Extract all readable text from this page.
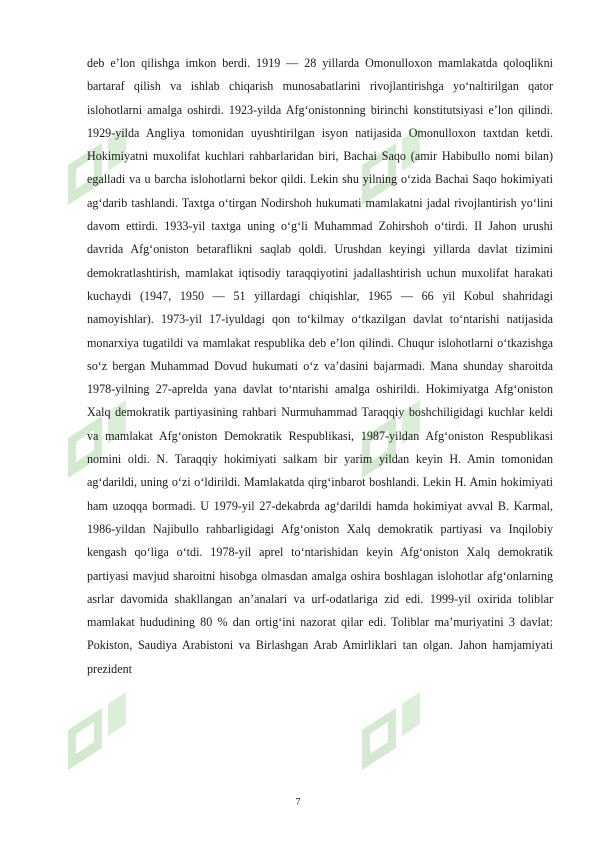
deb e’lon qilishga imkon berdi. 1919 — 28 yillarda Omonulloxon mamlakatda qoloqlikni bartaraf qilish va ishlab chiqarish munosabatlarini rivojlantirishga yo‘naltirilgan qator islohotlarni amalga oshirdi. 1923-yilda Afg‘onistonning birinchi konstitutsiyasi e’lon qilindi. 1929-yilda Angliya tomonidan uyushtirilgan isyon natijasida Omonulloxon taxtdan ketdi. Hokimiyatni muxolifat kuchlari rahbarlaridan biri, Bachai Saqo (amir Habibullo nomi bilan) egalladi va u barcha islohotlarni bekor qildi. Lekin shu yilning o‘zida Bachai Saqo hokimiyati ag‘darib tashlandi. Taxtga o‘tirgan Nodirshoh hukumati mamlakatni jadal rivojlantirish yo‘lini davom ettirdi. 1933-yil taxtga uning o‘g‘li Muhammad Zohirshoh o‘tirdi. II Jahon urushi davrida Afg‘oniston betaraflikni saqlab qoldi. Urushdan keyingi yillarda davlat tizimini demokratlashtirish, mamlakat iqtisodiy taraqqiyotini jadallashtirish uchun muxolifat harakati kuchaydi (1947, 1950 — 51 yillardagi chiqishlar, 1965 — 66 yil Kobul shahridagi namoyishlar). 1973-yil 17-iyuldagi qon to‘kilmay o‘tkazilgan davlat to‘ntarishi natijasida monarxiya tugatildi va mamlakat respublika deb e’lon qilindi. Chuqur islohotlarni o‘tkazishga so‘z bergan Muhammad Dovud hukumati o‘z va’dasini bajarmadi. Mana shunday sharoitda 1978-yilning 27-aprelda yana davlat to‘ntarishi amalga oshirildi. Hokimiyatga Afg‘oniston Xalq demokratik partiyasining rahbari Nurmuhammad Taraqqiy boshchiligidagi kuchlar keldi va mamlakat Afg‘oniston Demokratik Respublikasi, 1987-yildan Afg‘oniston Respublikasi nomini oldi. N. Taraqqiy hokimiyati salkam bir yarim yildan keyin H. Amin tomonidan ag‘darildi, uning o‘zi o‘ldirildi. Mamlakatda qirg‘inbarot boshlandi. Lekin H. Amin hokimiyati ham uzoqqa bormadi. U 1979-yil 27-dekabrda ag‘darildi hamda hokimiyat avval B. Karmal, 1986-yildan Najibullo rahbarligidagi Afg‘oniston Xalq demokratik partiyasi va Inqilobiy kengash qo‘liga o‘tdi. 1978-yil aprel to‘ntarishidan keyin Afg‘oniston Xalq demokratik partiyasi mavjud sharoitni hisobga olmasdan amalga oshira boshlagan islohotlar afg‘onlarning asrlar davomida shakllangan an’analari va urf-odatlariga zid edi. 1999-yil oxirida toliblar mamlakat hududining 80 % dan ortig‘ini nazorat qilar edi. Toliblar ma’muriyatini 3 davlat: Pokiston, Saudiya Arabistoni va Birlashgan Arab Amirliklari tan olgan. Jahon hamjamiyati prezident

7
